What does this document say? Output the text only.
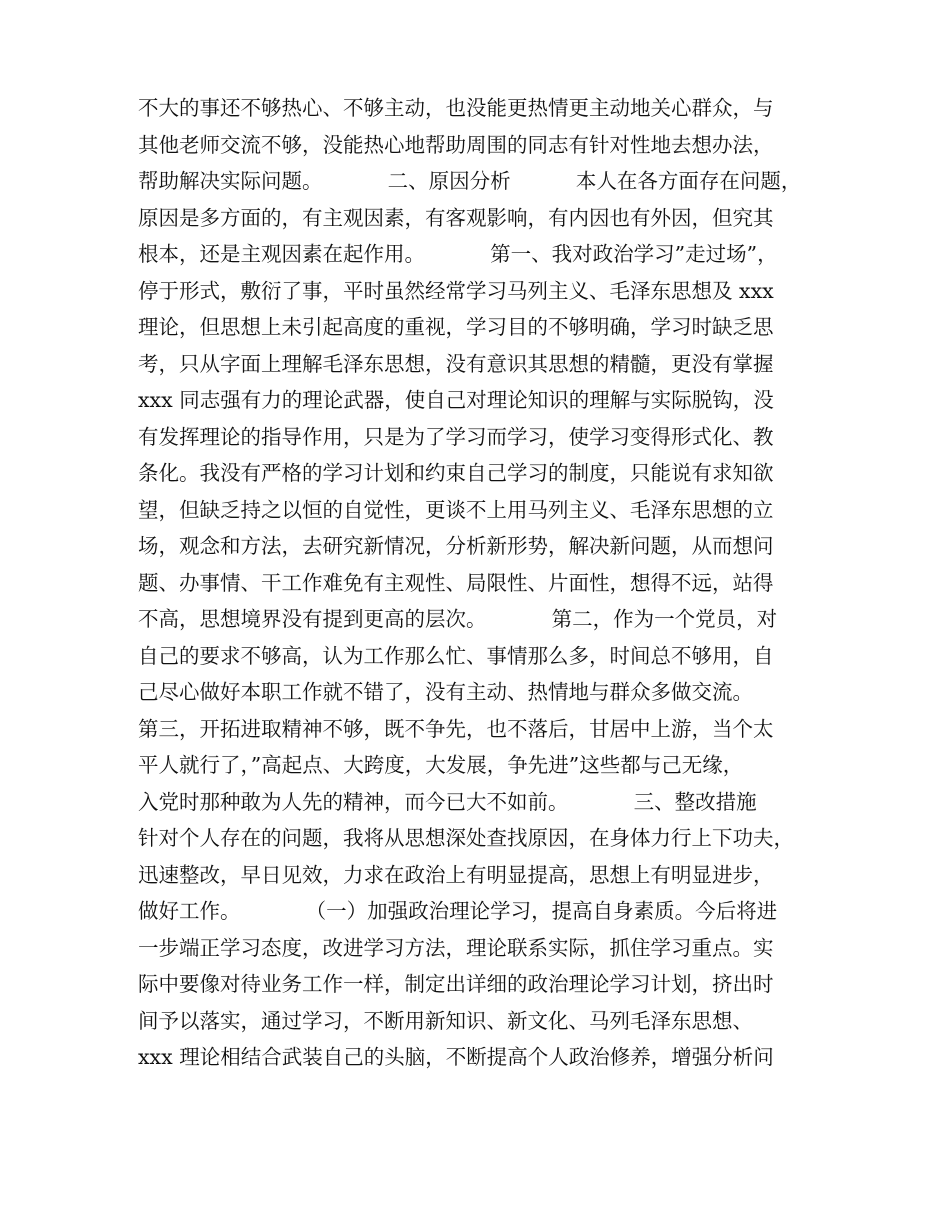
不大的事还不够热心、不够主动，也没能更热情更主动地关心群众，与
其他老师交流不够，没能热心地帮助周围的同志有针对性地去想办法，
帮助解决实际问题。          二、原因分析          本人在各方面存在问题，
原因是多方面的，有主观因素，有客观影响，有内因也有外因，但究其
根本，还是主观因素在起作用。          第一、我对政治学习”走过场”，
停于形式，敷衍了事，平时虽然经常学习马列主义、毛泽东思想及 xxx
理论，但思想上未引起高度的重视，学习目的不够明确，学习时缺乏思
考，只从字面上理解毛泽东思想，没有意识其思想的精髓，更没有掌握
xxx 同志强有力的理论武器，使自己对理论知识的理解与实际脱钩，没
有发挥理论的指导作用，只是为了学习而学习，使学习变得形式化、教
条化。我没有严格的学习计划和约束自己学习的制度，只能说有求知欲
望，但缺乏持之以恒的自觉性，更谈不上用马列主义、毛泽东思想的立
场，观念和方法，去研究新情况，分析新形势，解决新问题，从而想问
题、办事情、干工作难免有主观性、局限性、片面性，想得不远，站得
不高，思想境界没有提到更高的层次。          第二，作为一个党员，对
自己的要求不够高，认为工作那么忙、事情那么多，时间总不够用，自
己尽心做好本职工作就不错了，没有主动、热情地与群众多做交流。
第三，开拓进取精神不够，既不争先，也不落后，甘居中上游，当个太
平人就行了，”高起点、大跨度，大发展，争先进”这些都与己无缘，
入党时那种敢为人先的精神，而今已大不如前。          三、整改措施
针对个人存在的问题，我将从思想深处查找原因，在身体力行上下功夫，
迅速整改，早日见效，力求在政治上有明显提高，思想上有明显进步，
做好工作。          （一）加强政治理论学习，提高自身素质。今后将进
一步端正学习态度，改进学习方法，理论联系实际，抓住学习重点。实
际中要像对待业务工作一样，制定出详细的政治理论学习计划，挤出时
间予以落实，通过学习，不断用新知识、新文化、马列毛泽东思想、
xxx 理论相结合武装自己的头脑，不断提高个人政治修养，增强分析问
